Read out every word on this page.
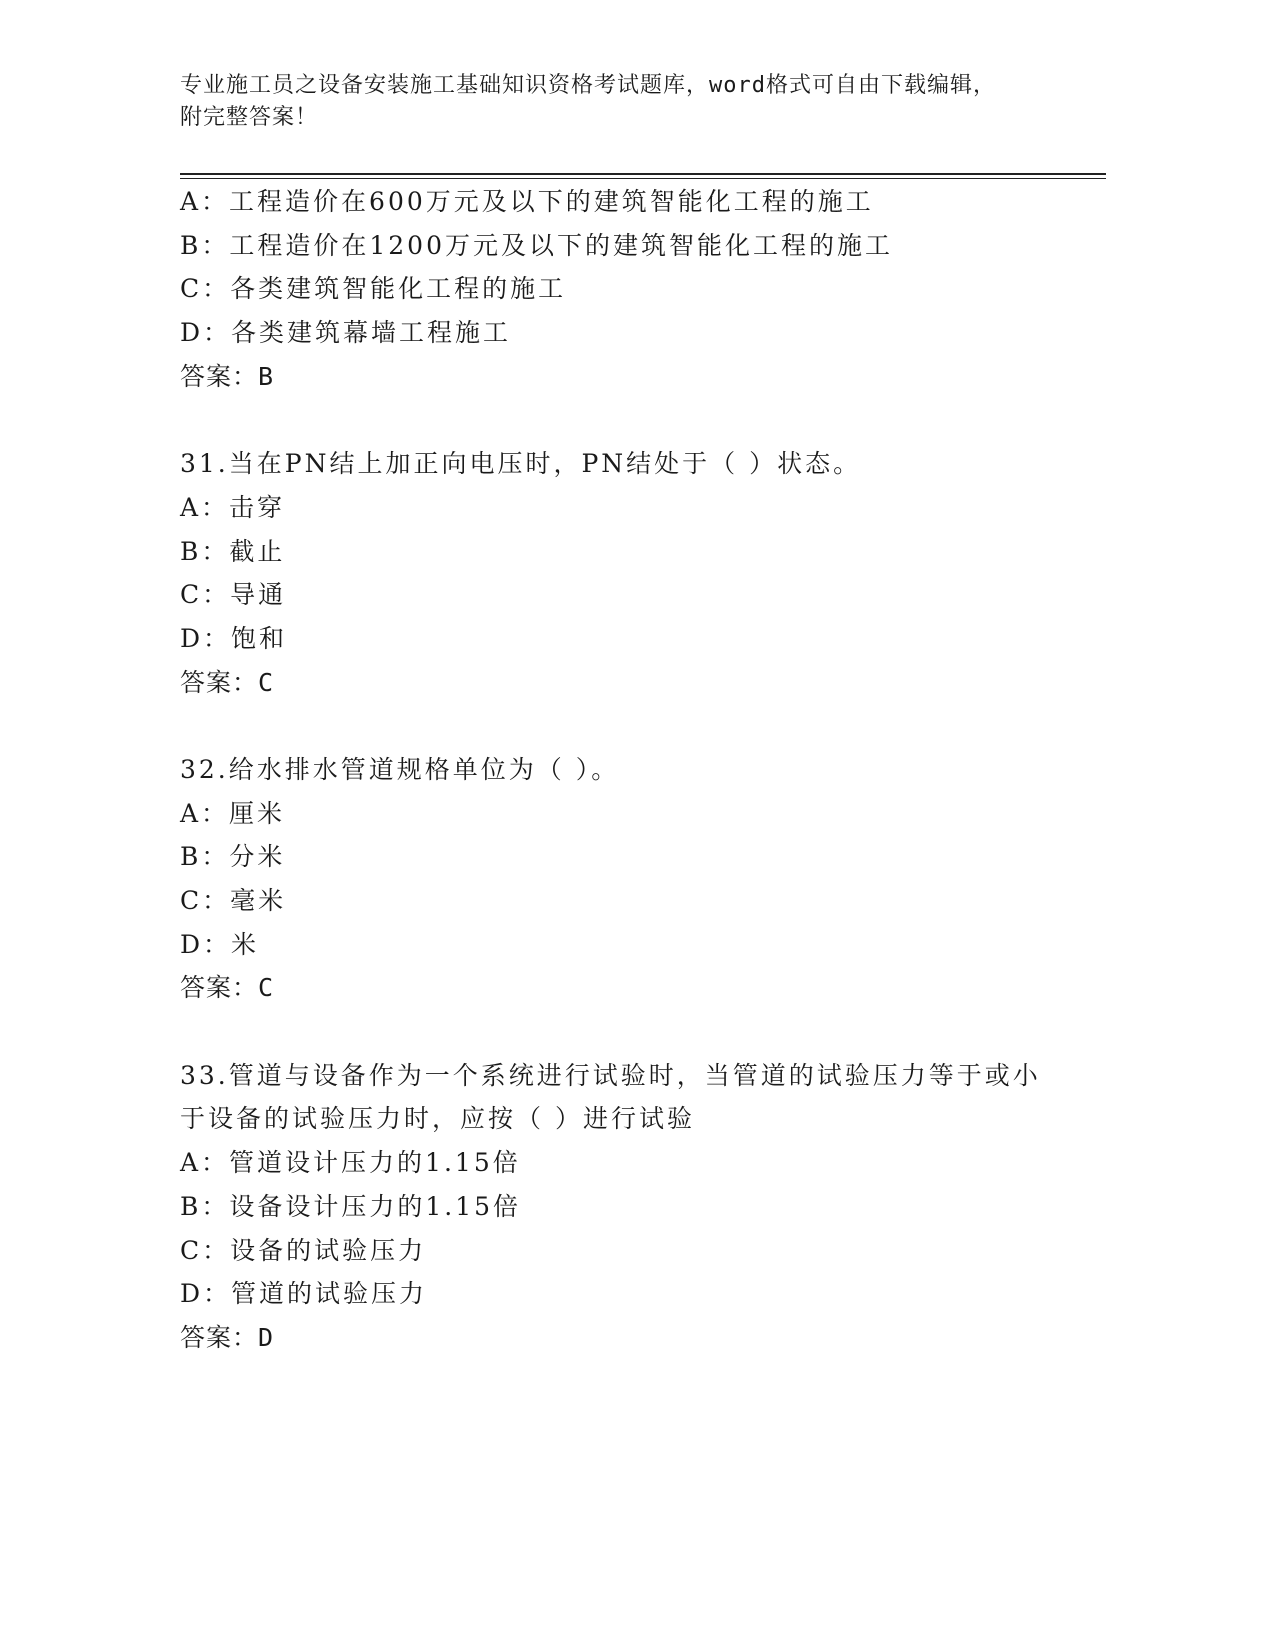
专业施工员之设备安装施工基础知识资格考试题库，word格式可自由下载编辑，
附完整答案！
A：工程造价在600万元及以下的建筑智能化工程的施工
B：工程造价在1200万元及以下的建筑智能化工程的施工
C：各类建筑智能化工程的施工
D：各类建筑幕墙工程施工
答案：B
31.当在PN结上加正向电压时，PN结处于（ ）状态。
A：击穿
B：截止
C：导通
D：饱和
答案：C
32.给水排水管道规格单位为（ ）。
A：厘米
B：分米
C：毫米
D：米
答案：C
33.管道与设备作为一个系统进行试验时，当管道的试验压力等于或小
于设备的试验压力时，应按（ ）进行试验
A：管道设计压力的1.15倍
B：设备设计压力的1.15倍
C：设备的试验压力
D：管道的试验压力
答案：D
